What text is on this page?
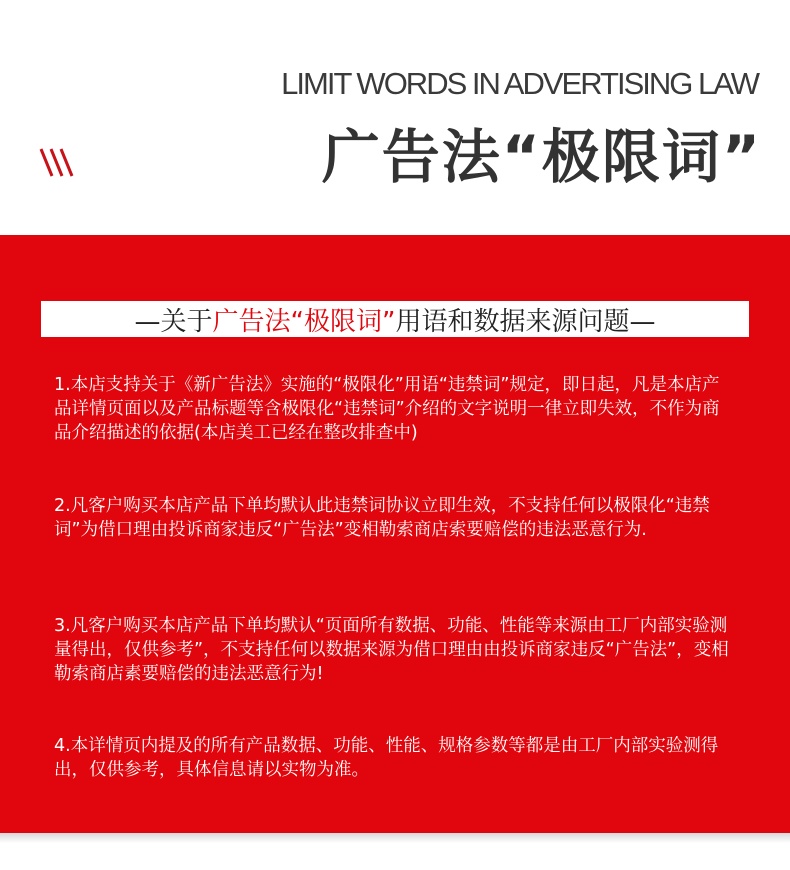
LIMIT WORDS IN ADVERTISING LAW
广告法“极限词”
—关于 广告法“极限词” 用语和数据来源问题—
1.本店支持关于《新广告法》实施的“极限化”用语“违禁词”规定，即日起，凡是本店产品详情页面以及产品标题等含极限化“违禁词”介绍的文字说明一律立即失效，不作为商品介绍描述的依据(本店美工已经在整改排查中)
2.凡客户购买本店产品下单均默认此违禁词协议立即生效，不支持任何以极限化“违禁词”为借口理由投诉商家违反“广告法”变相勒索商店索要赔偿的违法恶意行为.
3.凡客户购买本店产品下单均默认“页面所有数据、功能、性能等来源由工厂内部实验测量得出，仅供参考”，不支持任何以数据来源为借口理由由投诉商家违反“广告法”，变相勒索商店素要赔偿的违法恶意行为!
4.本详情页内提及的所有产品数据、功能、性能、规格参数等都是由工厂内部实验测得出，仅供参考，具体信息请以实物为准。
